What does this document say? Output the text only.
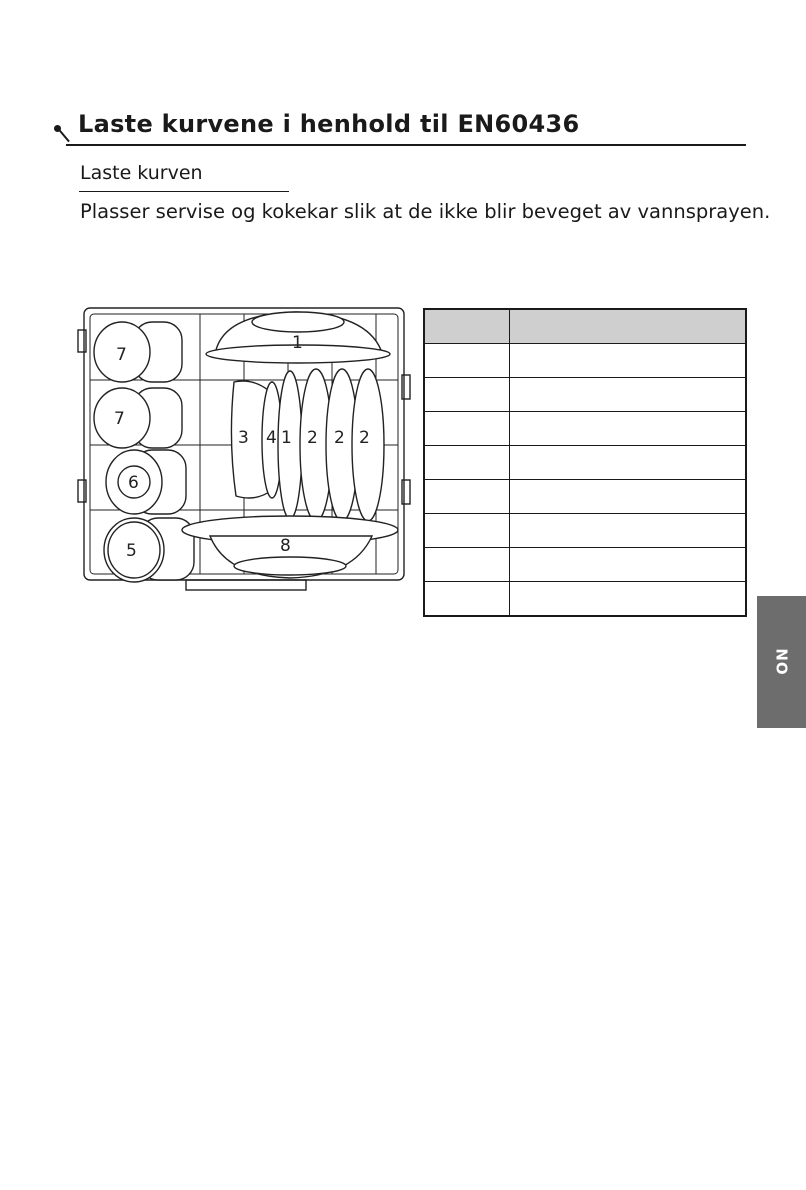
Laste kurvene i henhold til EN60436
Laste kurven
Plasser servise og kokekar slik at de ikke blir beveget av vannsprayen.
7
7
6
5
1
3 4 1 2 2 2
8

NO
